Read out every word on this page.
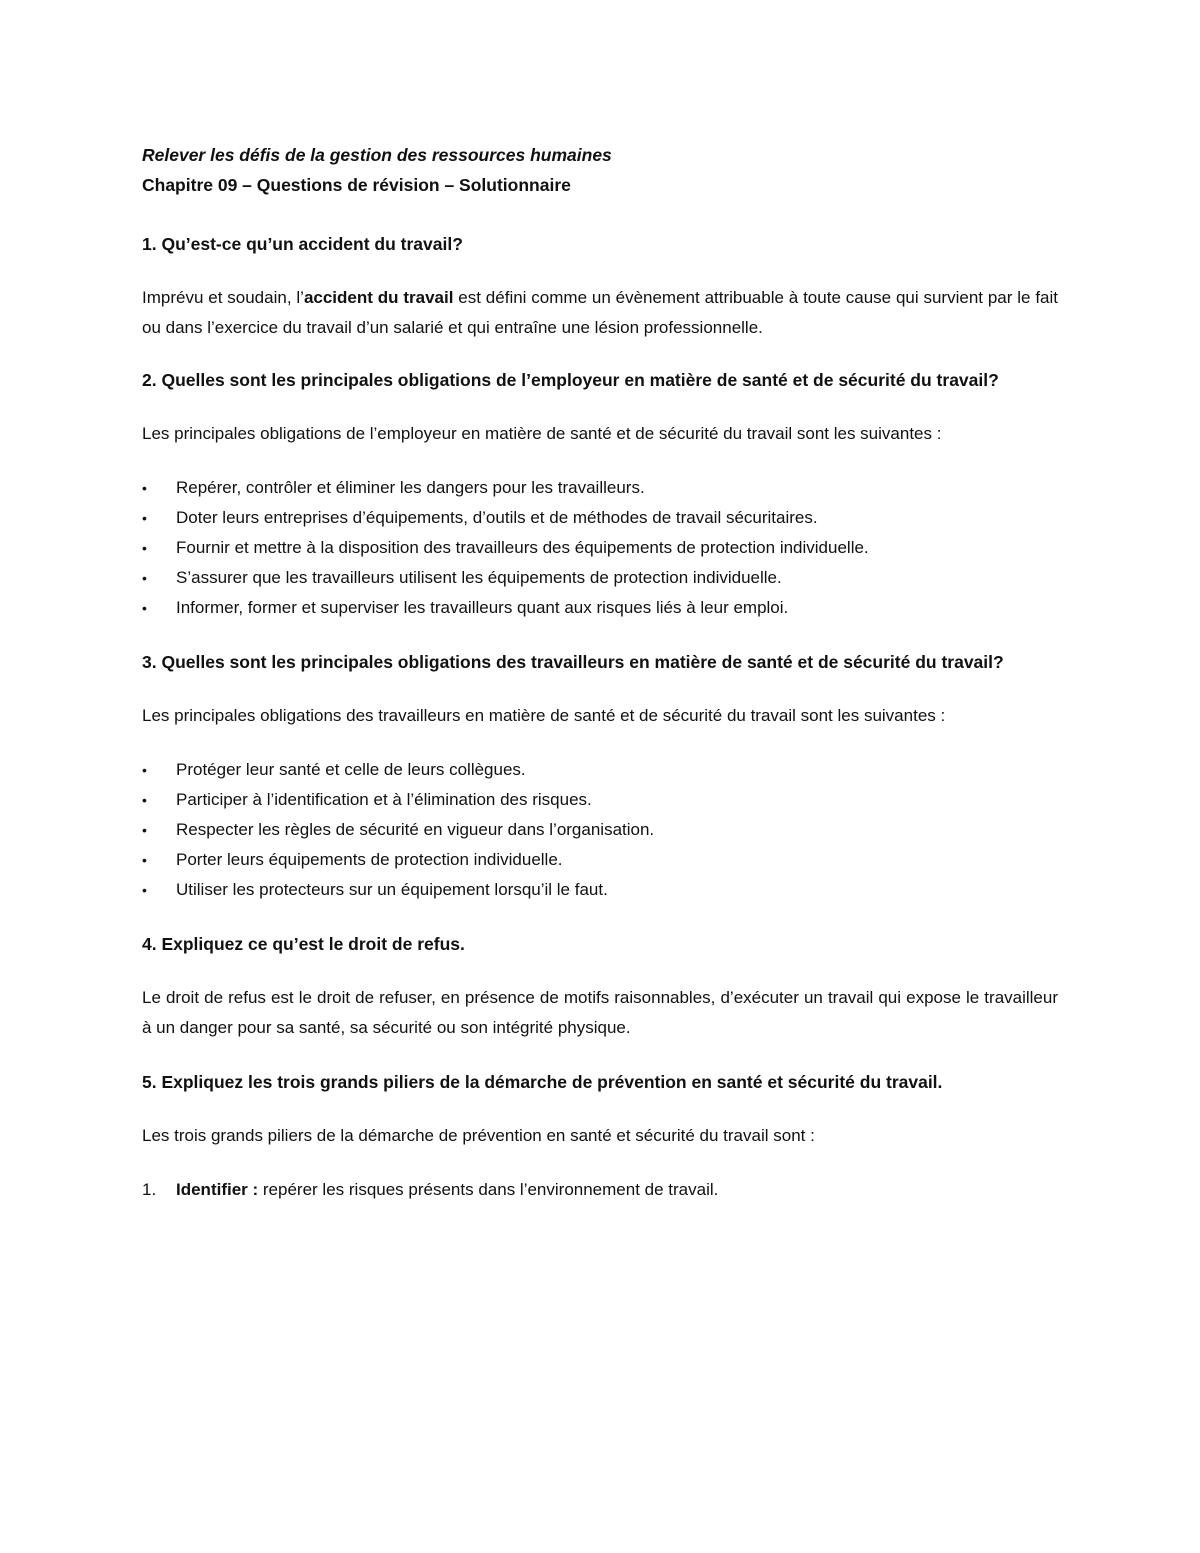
Relever les défis de la gestion des ressources humaines

Chapitre 09 – Questions de révision – Solutionnaire

1. Qu’est-ce qu’un accident du travail?

Imprévu et soudain, l’accident du travail est défini comme un évènement attribuable à toute cause qui survient par le fait ou dans l’exercice du travail d’un salarié et qui entraîne une lésion professionnelle.

2. Quelles sont les principales obligations de l’employeur en matière de santé et de sécurité du travail?

Les principales obligations de l’employeur en matière de santé et de sécurité du travail sont les suivantes :

• Repérer, contrôler et éliminer les dangers pour les travailleurs.
• Doter leurs entreprises d’équipements, d’outils et de méthodes de travail sécuritaires.
• Fournir et mettre à la disposition des travailleurs des équipements de protection individuelle.
• S’assurer que les travailleurs utilisent les équipements de protection individuelle.
• Informer, former et superviser les travailleurs quant aux risques liés à leur emploi.

3. Quelles sont les principales obligations des travailleurs en matière de santé et de sécurité du travail?

Les principales obligations des travailleurs en matière de santé et de sécurité du travail sont les suivantes :

• Protéger leur santé et celle de leurs collègues.
• Participer à l’identification et à l’élimination des risques.
• Respecter les règles de sécurité en vigueur dans l’organisation.
• Porter leurs équipements de protection individuelle.
• Utiliser les protecteurs sur un équipement lorsqu’il le faut.

4. Expliquez ce qu’est le droit de refus.

Le droit de refus est le droit de refuser, en présence de motifs raisonnables, d’exécuter un travail qui expose le travailleur à un danger pour sa santé, sa sécurité ou son intégrité physique.

5. Expliquez les trois grands piliers de la démarche de prévention en santé et sécurité du travail.

Les trois grands piliers de la démarche de prévention en santé et sécurité du travail sont :

1. Identifier : repérer les risques présents dans l’environnement de travail.
